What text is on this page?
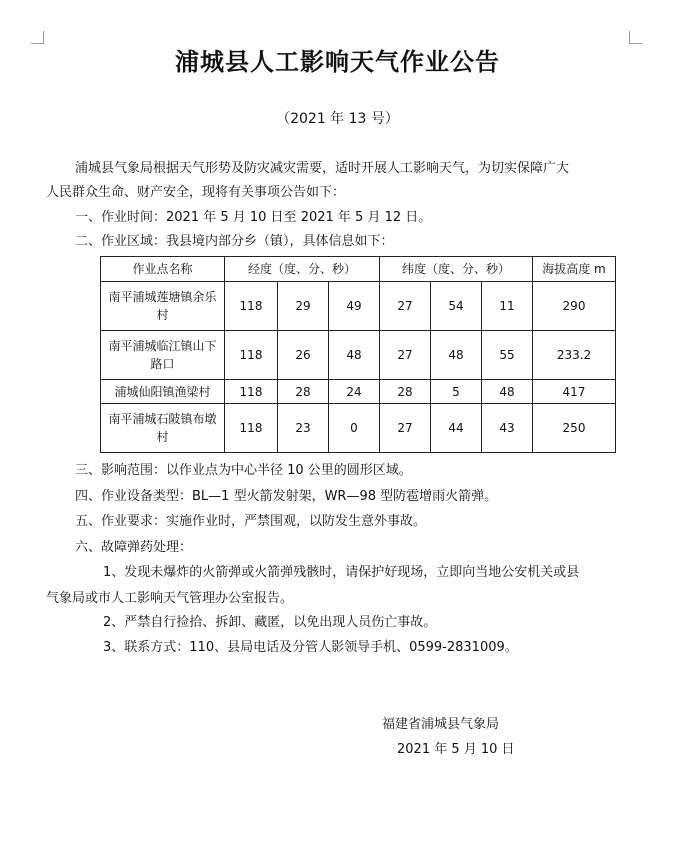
浦城县人工影响天气作业公告
（2021 年 13 号）
浦城县气象局根据天气形势及防灾减灾需要，适时开展人工影响天气，为切实保障广大
人民群众生命、财产安全，现将有关事项公告如下：
一、作业时间：2021 年 5 月 10 日至 2021 年 5 月 12 日。
二、作业区域：我县境内部分乡（镇），具体信息如下：
作业点名称	经度（度、分、秒）			纬度（度、分、秒）			海拔高度 m
南平浦城莲塘镇余乐村	118	29	49	27	54	11	290
南平浦城临江镇山下路口	118	26	48	27	48	55	233.2
浦城仙阳镇渔梁村	118	28	24	28	5	48	417
南平浦城石陂镇布墩村	118	23	0	27	44	43	250
三、影响范围：以作业点为中心半径 10 公里的圆形区域。
四、作业设备类型：BL—1 型火箭发射架，WR—98 型防雹增雨火箭弹。
五、作业要求：实施作业时，严禁围观，以防发生意外事故。
六、故障弹药处理：
1、发现未爆炸的火箭弹或火箭弹残骸时，请保护好现场，立即向当地公安机关或县
气象局或市人工影响天气管理办公室报告。
2、严禁自行捡拾、拆卸、藏匿，以免出现人员伤亡事故。
3、联系方式：110、县局电话及分管人影领导手机、0599-2831009。
福建省浦城县气象局
2021 年 5 月 10 日
